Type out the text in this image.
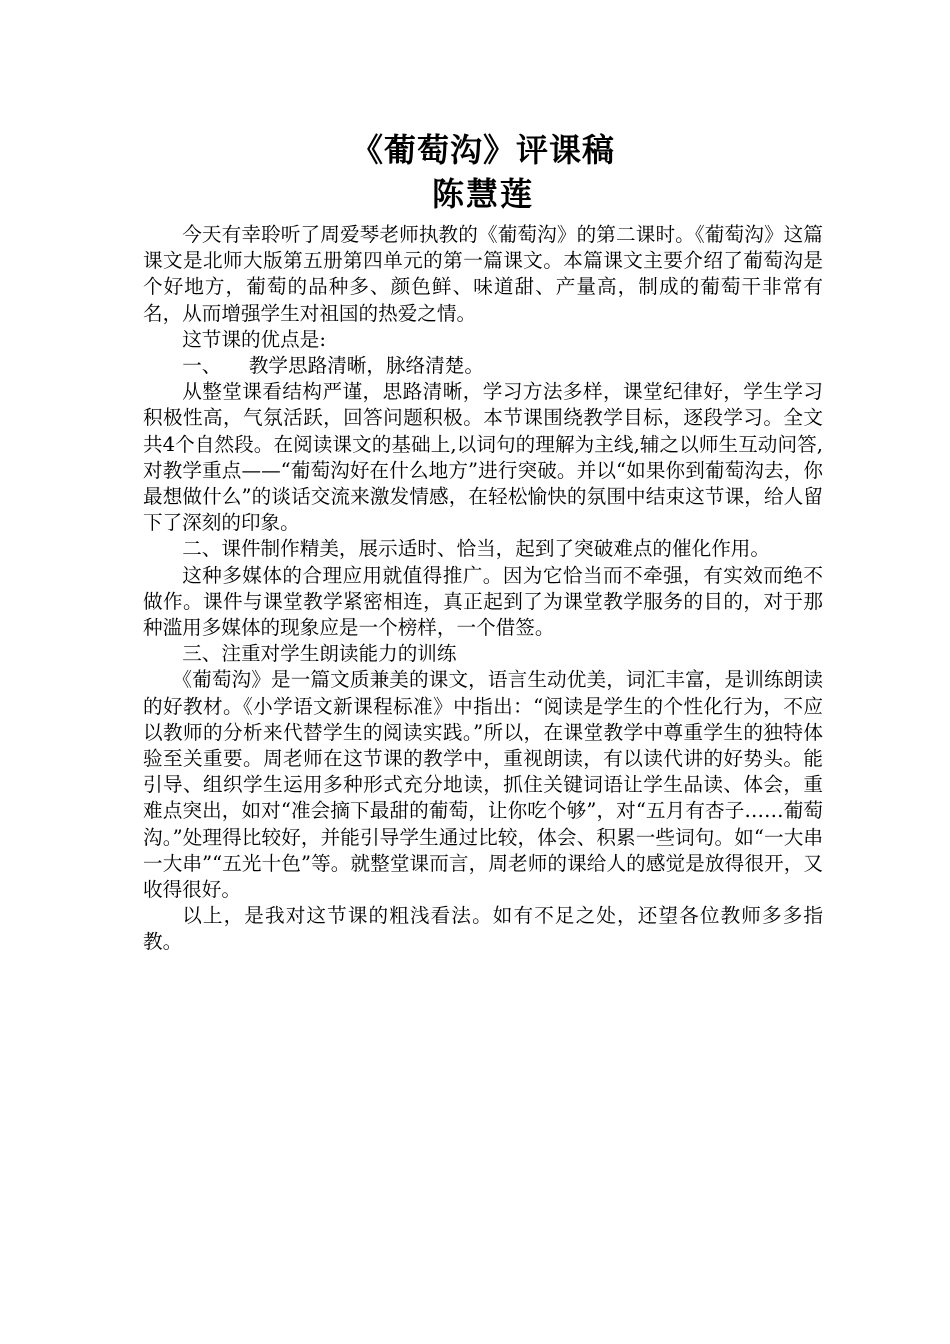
《葡萄沟》评课稿
陈慧莲

今天有幸聆听了周爱琴老师执教的《葡萄沟》的第二课时。《葡萄沟》这篇课文是北师大版第五册第四单元的第一篇课文。本篇课文主要介绍了葡萄沟是个好地方，葡萄的品种多、颜色鲜、味道甜、产量高，制成的葡萄干非常有名，从而增强学生对祖国的热爱之情。

这节课的优点是:

一、 教学思路清晰，脉络清楚。

从整堂课看结构严谨，思路清晰，学习方法多样，课堂纪律好，学生学习积极性高，气氛活跃，回答问题积极。本节课围绕教学目标，逐段学习。全文共4个自然段。在阅读课文的基础上,以词句的理解为主线,辅之以师生互动问答,对教学重点——“葡萄沟好在什么地方”进行突破。并以“如果你到葡萄沟去，你最想做什么”的谈话交流来激发情感，在轻松愉快的氛围中结束这节课，给人留下了深刻的印象。

二、课件制作精美，展示适时、恰当，起到了突破难点的催化作用。

这种多媒体的合理应用就值得推广。因为它恰当而不牵强，有实效而绝不做作。课件与课堂教学紧密相连，真正起到了为课堂教学服务的目的，对于那种滥用多媒体的现象应是一个榜样，一个借签。

三、注重对学生朗读能力的训练

《葡萄沟》是一篇文质兼美的课文，语言生动优美，词汇丰富，是训练朗读的好教材。《小学语文新课程标准》中指出：“阅读是学生的个性化行为，不应以教师的分析来代替学生的阅读实践。”所以，在课堂教学中尊重学生的独特体验至关重要。周老师在这节课的教学中，重视朗读，有以读代讲的好势头。能引导、组织学生运用多种形式充分地读，抓住关键词语让学生品读、体会，重难点突出，如对“准会摘下最甜的葡萄，让你吃个够”，对“五月有杏子……葡萄沟。”处理得比较好，并能引导学生通过比较，体会、积累一些词句。如“一大串一大串”“五光十色”等。就整堂课而言，周老师的课给人的感觉是放得很开，又收得很好。

以上，是我对这节课的粗浅看法。如有不足之处，还望各位教师多多指教。
